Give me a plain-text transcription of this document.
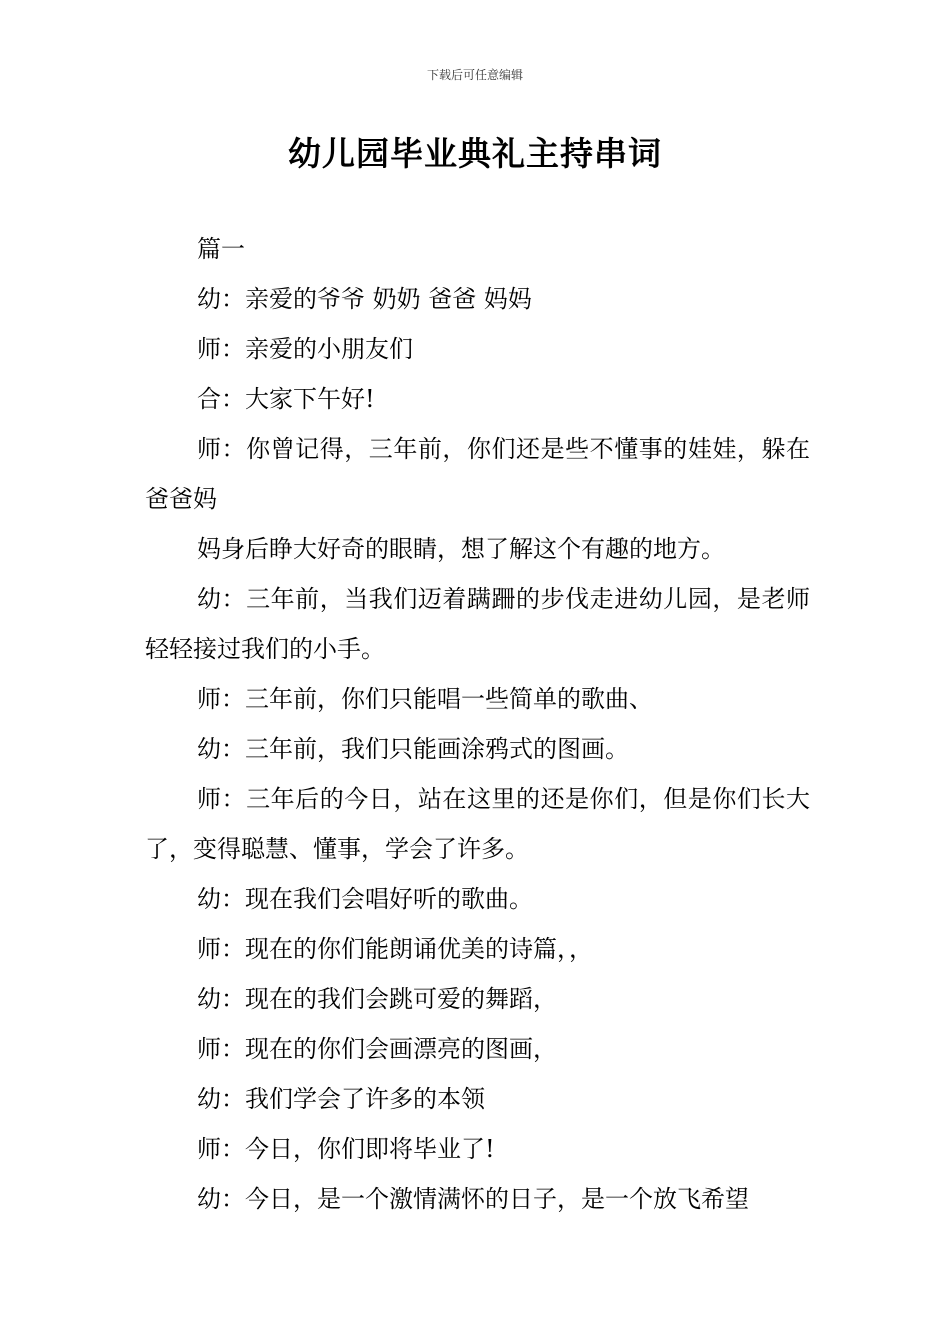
下载后可任意编辑
幼儿园毕业典礼主持串词

篇一

幼：亲爱的爷爷 奶奶 爸爸 妈妈

师：亲爱的小朋友们

合：大家下午好!

师：你曾记得，三年前，你们还是些不懂事的娃娃，躲在爸爸妈

妈身后睁大好奇的眼睛，想了解这个有趣的地方。

幼：三年前，当我们迈着蹒跚的步伐走进幼儿园，是老师轻轻接过我们的小手。

师：三年前，你们只能唱一些简单的歌曲、

幼：三年前，我们只能画涂鸦式的图画。

师：三年后的今日，站在这里的还是你们，但是你们长大了，变得聪慧、懂事，学会了许多。

幼：现在我们会唱好听的歌曲。

师：现在的你们能朗诵优美的诗篇，，

幼：现在的我们会跳可爱的舞蹈，

师：现在的你们会画漂亮的图画，

幼：我们学会了许多的本领

师：今日，你们即将毕业了!

幼：今日，是一个激情满怀的日子，是一个放飞希望
